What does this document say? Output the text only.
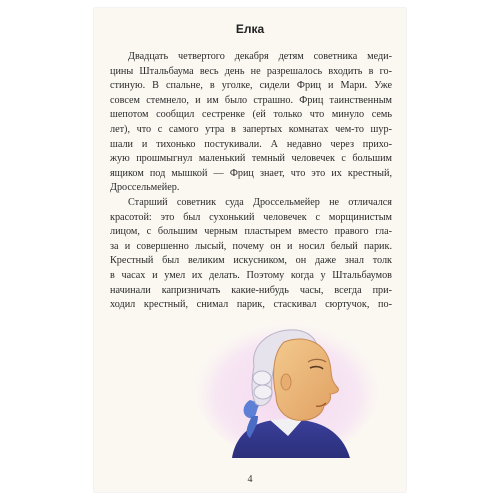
Елка
Двадцать четвертого декабря детям советника меди-
цины Штальбаума весь день не разрешалось входить в го-
стиную. В спальне, в уголке, сидели Фриц и Мари. Уже
совсем стемнело, и им было страшно. Фриц таинственным
шепотом сообщил сестренке (ей только что минуло семь
лет), что с самого утра в запертых комнатах чем-то шур-
шали и тихонько постукивали. А недавно через прихо-
жую прошмыгнул маленький темный человечек с большим
ящиком под мышкой — Фриц знает, что это их крестный,
Дроссельмейер.
Старший советник суда Дроссельмейер не отличался
красотой: это был сухонький человечек с морщинистым
лицом, с большим черным пластырем вместо правого гла-
за и совершенно лысый, почему он и носил белый парик.
Крестный был великим искусником, он даже знал толк
в часах и умел их делать. Поэтому когда у Штальбаумов
начинали капризничать какие-нибудь часы, всегда при-
ходил крестный, снимал парик, стаскивал сюртучок, по-
4
